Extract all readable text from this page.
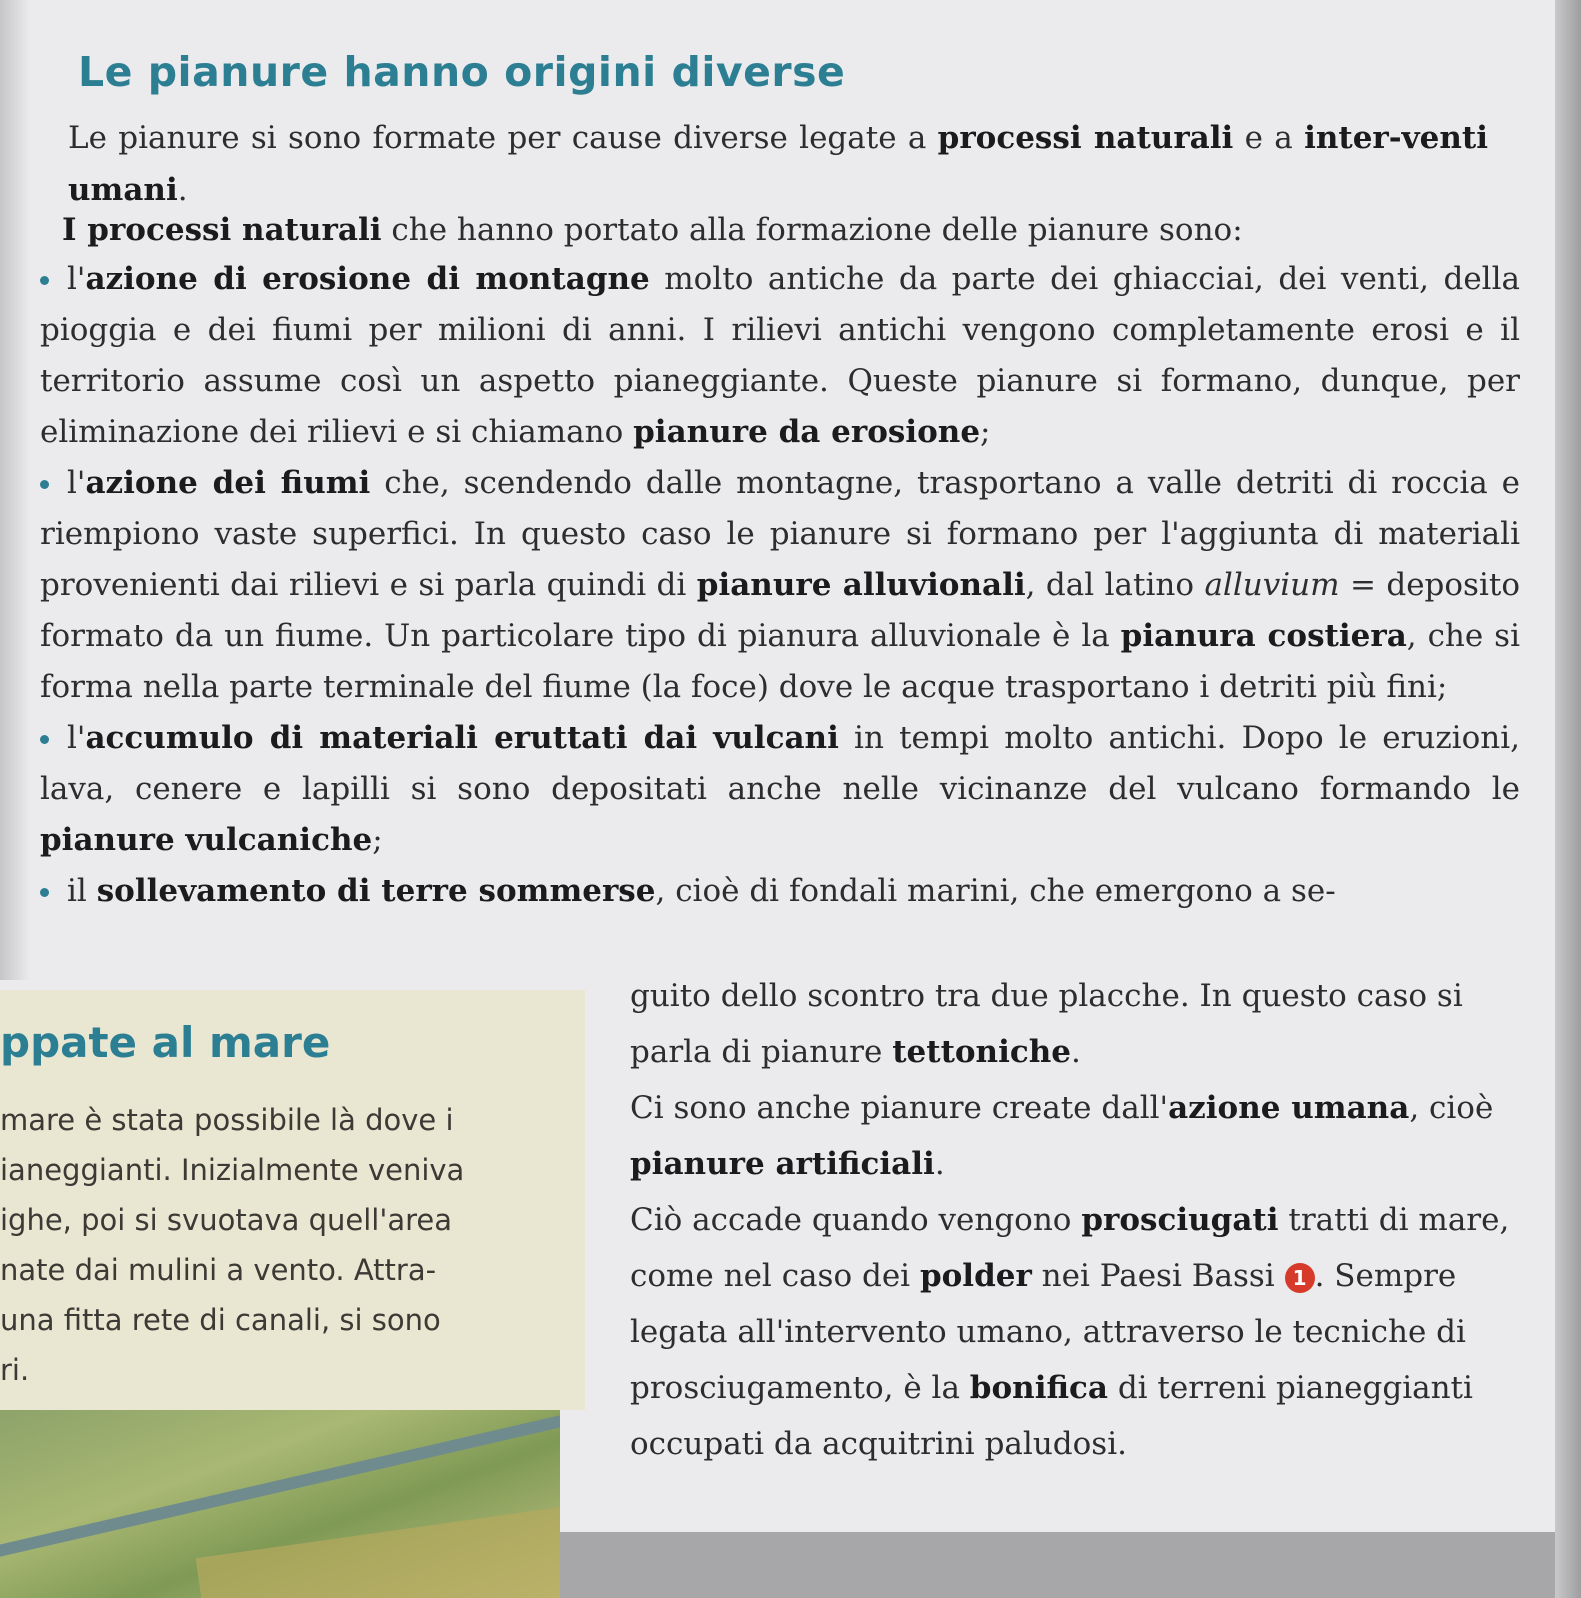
Le pianure hanno origini diverse

Le pianure si sono formate per cause diverse legate a processi naturali e a inter-venti umani.

I processi naturali che hanno portato alla formazione delle pianure sono:

l'azione di erosione di montagne molto antiche da parte dei ghiacciai, dei venti, della pioggia e dei fiumi per milioni di anni. I rilievi antichi vengono completamente erosi e il territorio assume così un aspetto pianeggiante. Queste pianure si formano, dunque, per eliminazione dei rilievi e si chiamano pianure da erosione;
l'azione dei fiumi che, scendendo dalle montagne, trasportano a valle detriti di roccia e riempiono vaste superfici. In questo caso le pianure si formano per l'aggiunta di materiali provenienti dai rilievi e si parla quindi di pianure alluvionali, dal latino alluvium = deposito formato da un fiume. Un particolare tipo di pianura alluvionale è la pianura costiera, che si forma nella parte terminale del fiume (la foce) dove le acque trasportano i detriti più fini;
l'accumulo di materiali eruttati dai vulcani in tempi molto antichi. Dopo le eruzioni, lava, cenere e lapilli si sono depositati anche nelle vicinanze del vulcano formando le pianure vulcaniche;
il sollevamento di terre sommerse, cioè di fondali marini, che emergono a se-
ppate al mare
mare è stata possibile là dove i
ianeggianti. Inizialmente veniva
ighe, poi si svuotava quell'area
nate dai mulini a vento. Attra-
una fitta rete di canali, si sono
ri.

guito dello scontro tra due placche. In questo caso si parla di pianure tettoniche.

Ci sono anche pianure create dall'azione umana, cioè pianure artificiali.

Ciò accade quando vengono prosciugati tratti di mare, come nel caso dei polder nei Paesi Bassi 1 . Sempre legata all'intervento umano, attraverso le tecniche di prosciugamento, è la bonifica di terreni pianeggianti occupati da acquitrini paludosi.
